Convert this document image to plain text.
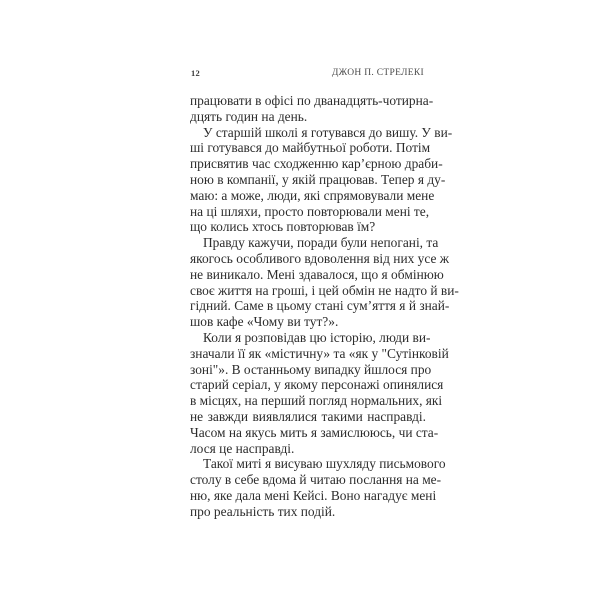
12	ДЖОН П. СТРЕЛЕКІ
працювати в офісі по дванадцять-чотирна-
дцять годин на день.
У старшій школі я готувався до вишу. У ви-
ші готувався до майбутньої роботи. Потім
присвятив час сходженню кар’єрною драби-
ною в компанії, у якій працював. Тепер я ду-
маю: а може, люди, які спрямовували мене
на ці шляхи, просто повторювали мені те,
що колись хтось повторював їм?
Правду кажучи, поради були непогані, та
якогось особливого вдоволення від них усе ж
не виникало. Мені здавалося, що я обмінюю
своє життя на гроші, і цей обмін не надто й ви-
гідний. Саме в цьому стані сум’яття я й знай-
шов кафе «Чому ви тут?».
Коли я розповідав цю історію, люди ви-
значали її як «містичну» та «як у "Сутінковій
зоні"». В останньому випадку йшлося про
старий серіал, у якому персонажі опинялися
в місцях, на перший погляд нормальних, які
не завжди виявлялися такими насправді.
Часом на якусь мить я замислююсь, чи ста-
лося це насправді.
Такої миті я висуваю шухляду письмового
столу в себе вдома й читаю послання на ме-
ню, яке дала мені Кейсі. Воно нагадує мені
про реальність тих подій.
